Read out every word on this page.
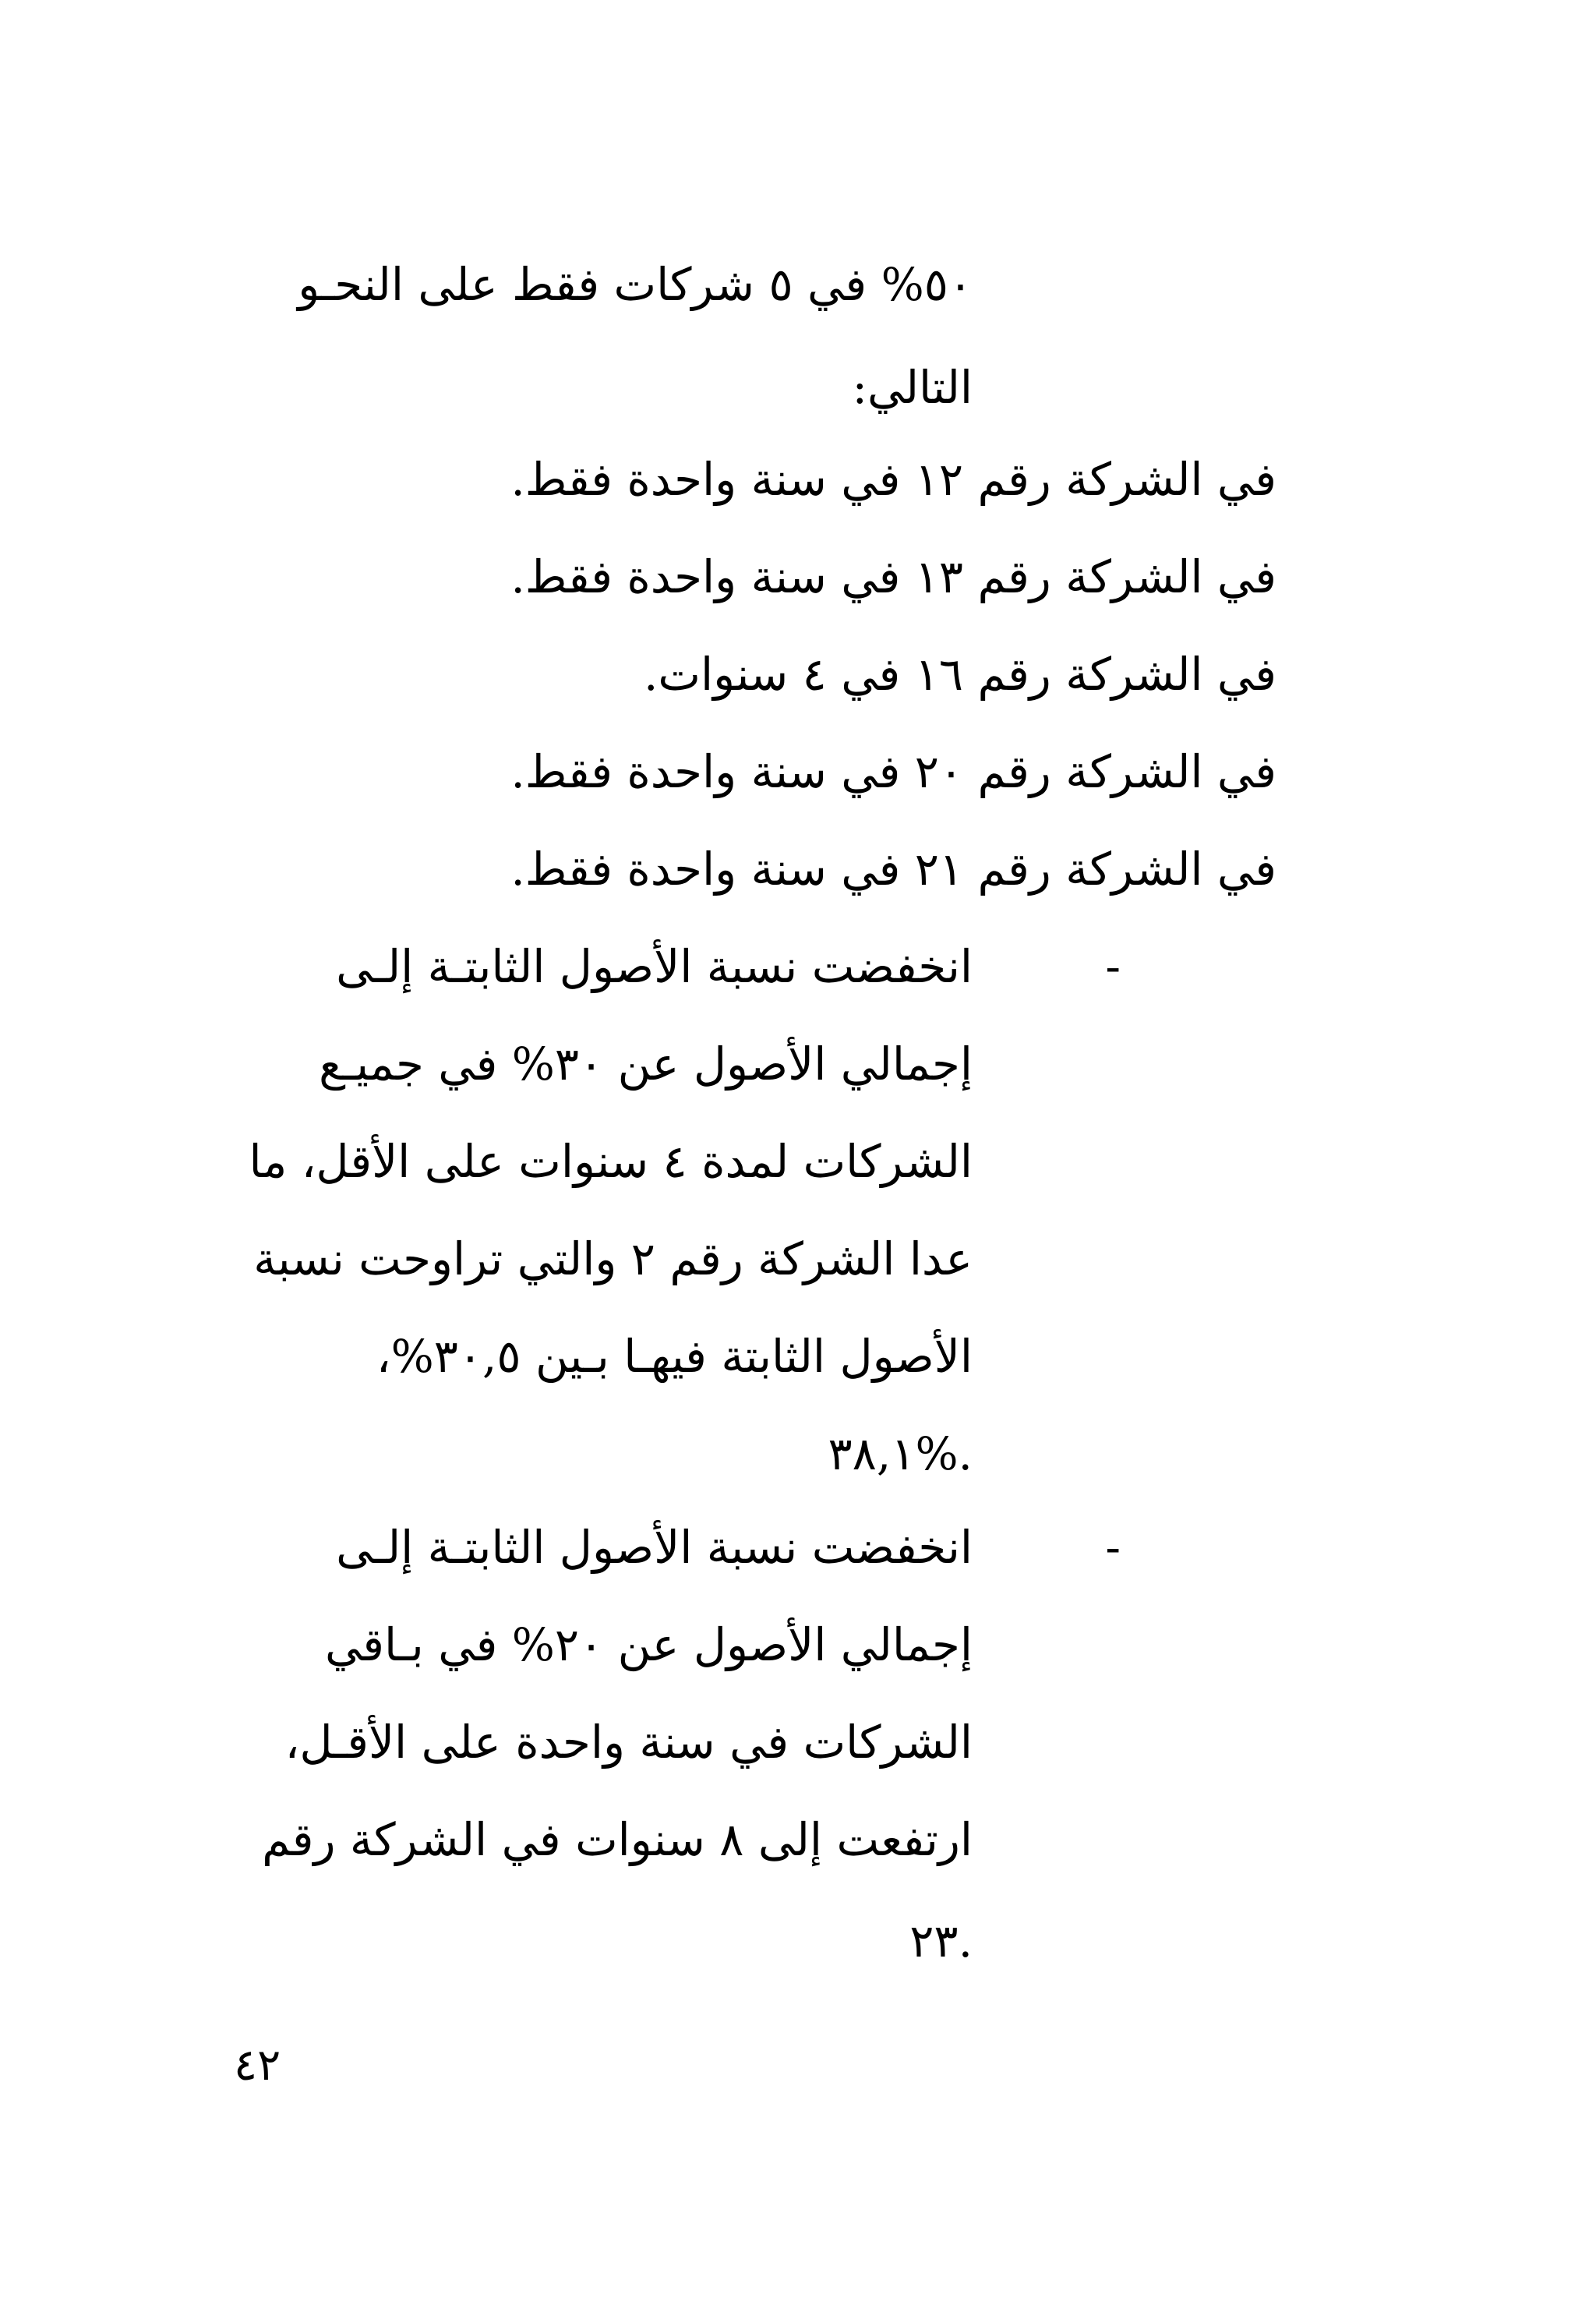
٥٠% في ٥ شركات فقط على النحـو
التالي:
في الشركة رقم ١٢ في سنة واحدة فقط.
في الشركة رقم ١٣ في سنة واحدة فقط.
في الشركة رقم ١٦ في ٤ سنوات.
في الشركة رقم ٢٠ في سنة واحدة فقط.
في الشركة رقم ٢١ في سنة واحدة فقط.
-
انخفضت نسبة الأصول الثابتـة إلـى
إجمالي الأصول عن ٣٠% في جميـع
الشركات لمدة ٤ سنوات على الأقل، ما
عدا الشركة رقم ٢ والتي تراوحت نسبة
الأصول الثابتة فيهـا بـين ٣٠,٥%،
٣٨,١%.
-
انخفضت نسبة الأصول الثابتـة إلـى
إجمالي الأصول عن ٢٠% في بـاقي
الشركات في سنة واحدة على الأقـل،
ارتفعت إلى ٨ سنوات في الشركة رقم
٢٣.
٤٢
